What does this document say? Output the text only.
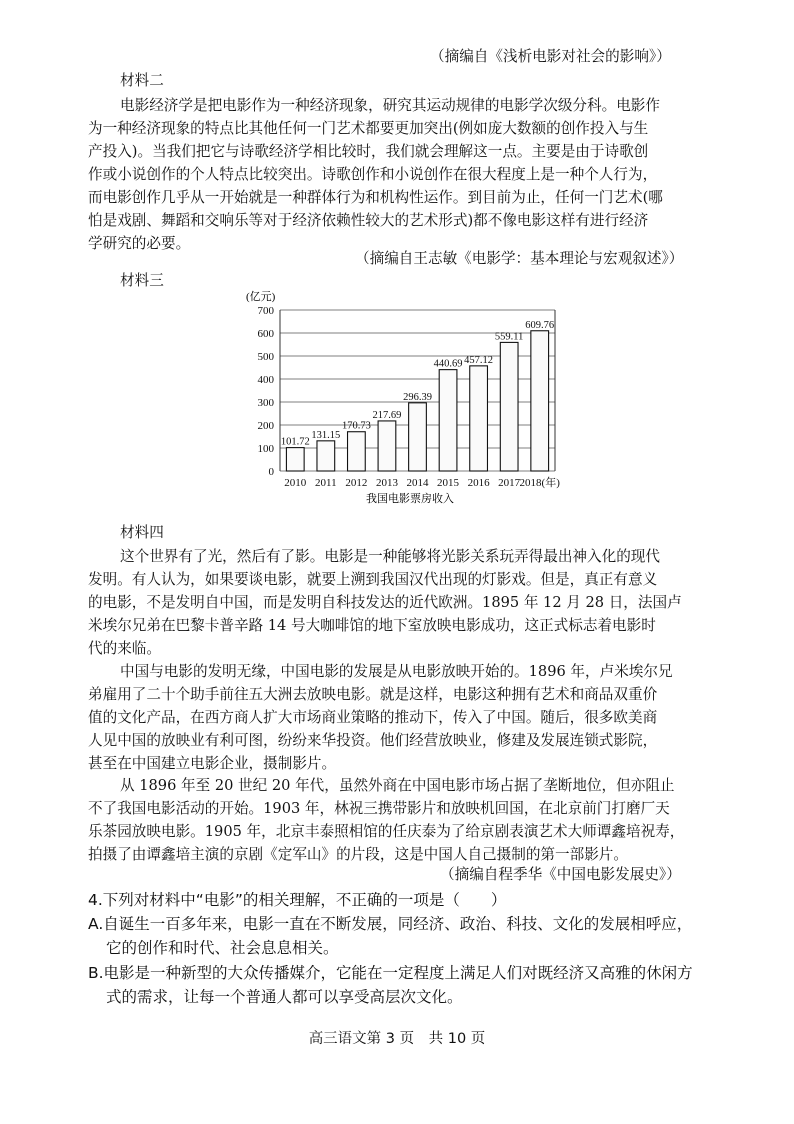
（摘编自《浅析电影对社会的影响》）
材料二
电影经济学是把电影作为一种经济现象，研究其运动规律的电影学次级分科。电影作
为一种经济现象的特点比其他任何一门艺术都要更加突出(例如庞大数额的创作投入与生
产投入)。当我们把它与诗歌经济学相比较时，我们就会理解这一点。主要是由于诗歌创
作或小说创作的个人特点比较突出。诗歌创作和小说创作在很大程度上是一种个人行为，
而电影创作几乎从一开始就是一种群体行为和机构性运作。到目前为止，任何一门艺术(哪
怕是戏剧、舞蹈和交响乐等对于经济依赖性较大的艺术形式)都不像电影这样有进行经济
学研究的必要。
（摘编自王志敏《电影学：基本理论与宏观叙述》）
材料三
0
100
200
300
400
500
600
700
101.72
131.15
170.73
217.69
296.39
440.69 457.12
559.11
609.76
2010 2011 2012 2013 2014 2015 2016 2017 2018(年)
(亿元)
我国电影票房收入
材料四
这个世界有了光，然后有了影。电影是一种能够将光影关系玩弄得最出神入化的现代
发明。有人认为，如果要谈电影，就要上溯到我国汉代出现的灯影戏。但是，真正有意义
的电影，不是发明自中国，而是发明自科技发达的近代欧洲。1895 年 12 月 28 日，法国卢
米埃尔兄弟在巴黎卡普辛路 14 号大咖啡馆的地下室放映电影成功，这正式标志着电影时
代的来临。
中国与电影的发明无缘，中国电影的发展是从电影放映开始的。1896 年，卢米埃尔兄
弟雇用了二十个助手前往五大洲去放映电影。就是这样，电影这种拥有艺术和商品双重价
值的文化产品，在西方商人扩大市场商业策略的推动下，传入了中国。随后，很多欧美商
人见中国的放映业有利可图，纷纷来华投资。他们经营放映业，修建及发展连锁式影院，
甚至在中国建立电影企业，摄制影片。
从 1896 年至 20 世纪 20 年代，虽然外商在中国电影市场占据了垄断地位，但亦阻止
不了我国电影活动的开始。1903 年，林祝三携带影片和放映机回国，在北京前门打磨厂天
乐茶园放映电影。1905 年，北京丰泰照相馆的任庆泰为了给京剧表演艺术大师谭鑫培祝寿，
拍摄了由谭鑫培主演的京剧《定军山》的片段，这是中国人自己摄制的第一部影片。
（摘编自程季华《中国电影发展史》）
4.下列对材料中“电影”的相关理解，不正确的一项是（　　）
A.自诞生一百多年来，电影一直在不断发展，同经济、政治、科技、文化的发展相呼应，
它的创作和时代、社会息息相关。
B.电影是一种新型的大众传播媒介，它能在一定程度上满足人们对既经济又高雅的休闲方
式的需求，让每一个普通人都可以享受高层次文化。
高三语文第 3 页　共 10 页
